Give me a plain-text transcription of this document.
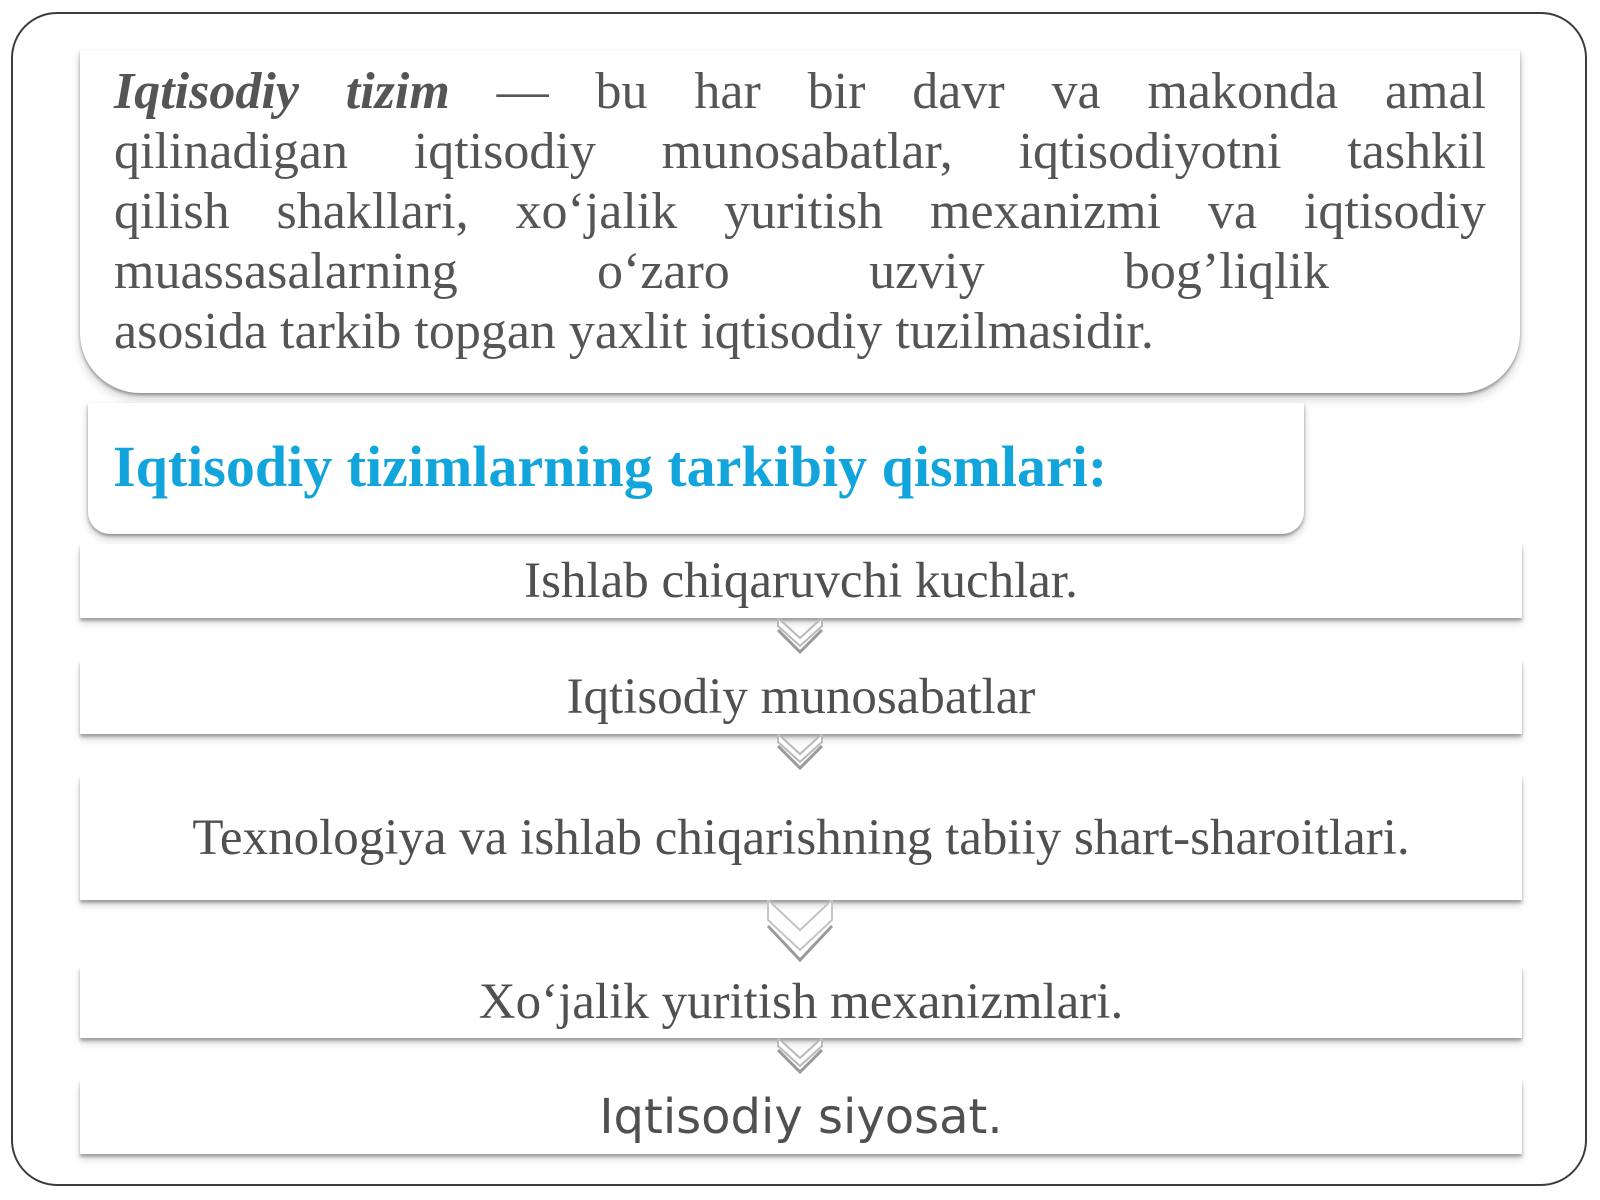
Iqtisodiy tizim — bu har bir davr va makonda amal

qilinadigan iqtisodiy munosabatlar, iqtisodiyotni tashkil

qilish shakllari, xo‘jalik yuritish mexanizmi va iqtisodiy

muassasalarning o‘zaro uzviy bog’liqlik

asosida tarkib topgan yaxlit iqtisodiy tuzilmasidir.

Iqtisodiy tizimlarning tarkibiy qismlari:

Ishlab chiqaruvchi kuchlar.
Iqtisodiy munosabatlar
Texnologiya va ishlab chiqarishning tabiiy shart-sharoitlari.
Xo‘jalik yuritish mexanizmlari.
Iqtisodiy siyosat.
